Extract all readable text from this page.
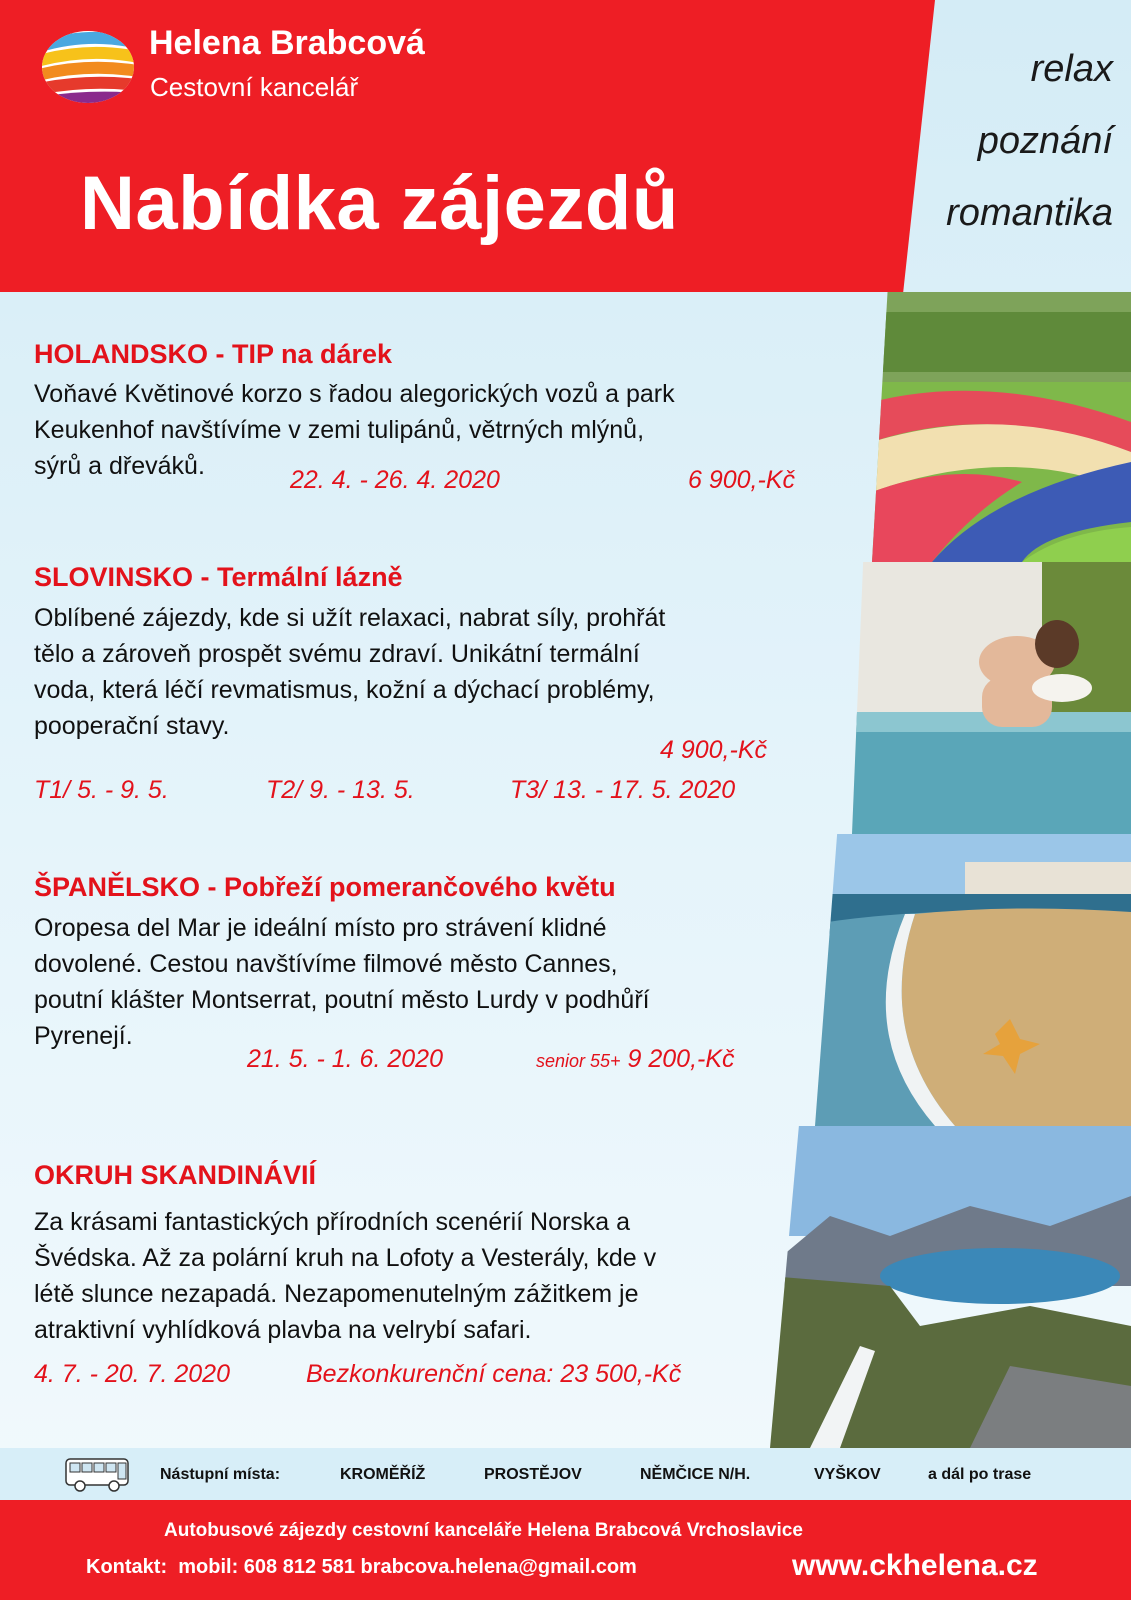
Helena Brabcová
Cestovní kancelář
Nabídka zájezdů
relax
poznání
romantika
HOLANDSKO - TIP na dárek

Voňavé Květinové korzo s řadou alegorických vozů a park

Keukenhof navštívíme v zemi tulipánů, větrných mlýnů,

sýrů a dřeváků.	22. 4. - 26. 4. 2020	6 900,-Kč
SLOVINSKO - Termální lázně

Oblíbené zájezdy, kde si užít relaxaci, nabrat síly, prohřát

tělo a zároveň prospět svému zdraví. Unikátní termální

voda, která léčí revmatismus, kožní a dýchací problémy,

pooperační stavy.

4 900,-Kč
T1/ 5. - 9. 5.	T2/ 9. - 13. 5.	T3/ 13. - 17. 5. 2020
ŠPANĚLSKO - Pobřeží pomerančového květu

Oropesa del Mar je ideální místo pro strávení klidné

dovolené. Cestou navštívíme filmové město Cannes,

poutní klášter Montserrat, poutní město Lurdy v podhůří

Pyreneјí.

21. 5. - 1. 6. 2020	senior 55+ 9 200,-Kč
OKRUH SKANDINÁVIÍ

Za krásami fantastických přírodních scenérií Norska a

Švédska. Až za polární kruh na Lofoty a Vesterály, kde v

létě slunce nezapadá. Nezapomenutelným zážitkem je

atraktivní vyhlídková plavba na velrybí safari.

4. 7. - 20. 7. 2020	Bezkonkurenční cena: 23 500,-Kč
Nástupní místa:	KROMĚŘÍŽ	PROSTĚJOV	NĚMČICE N/H.	VYŠKOV	a dál po trase
Autobusové zájezdy cestovní kanceláře Helena Brabcová Vrchoslavice
Kontakt: mobil: 608 812 581 brabcova.helena@gmail.com	www.ckhelena.cz
